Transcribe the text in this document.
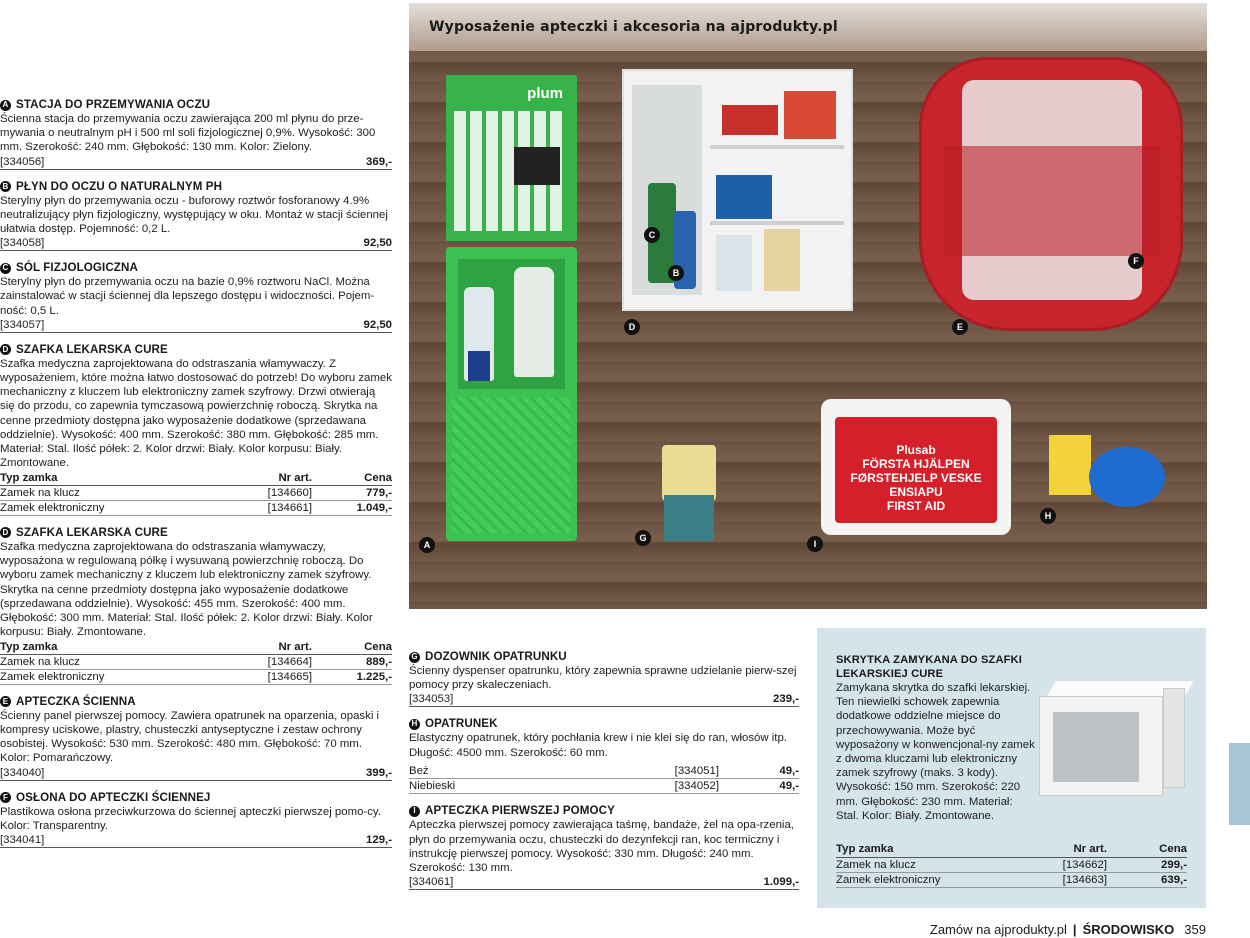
A STACJA DO PRZEMYWANIA OCZU
Ścienna stacja do przemywania oczu zawierająca 200 ml płynu do prze-mywania o neutralnym pH i 500 ml soli fizjologicznej 0,9%. Wysokość: 300 mm. Szerokość: 240 mm. Głębokość: 130 mm. Kolor: Zielony.
[334056]	369,-
B PŁYN DO OCZU O NATURALNYM PH
Sterylny płyn do przemywania oczu - buforowy roztwór fosforanowy 4.9% neutralizujący płyn fizjologiczny, występujący w oku. Montaż w stacji ściennej ułatwia dostęp. Pojemność: 0,2 L.
[334058]	92,50
C SÓL FIZJOLOGICZNA
Sterylny płyn do przemywania oczu na bazie 0,9% roztworu NaCl. Można zainstalować w stacji ściennej dla lepszego dostępu i widoczności. Pojem-ność: 0,5 L.
[334057]	92,50
D SZAFKA LEKARSKA CURE
Szafka medyczna zaprojektowana do odstraszania włamywaczy. Z wyposażeniem, które można łatwo dostosować do potrzeb! Do wyboru zamek mechaniczny z kluczem lub elektroniczny zamek szyfrowy. Drzwi otwierają się do przodu, co zapewnia tymczasową powierzchnię roboczą. Skrytka na cenne przedmioty dostępna jako wyposażenie dodatkowe (sprzedawana oddzielnie). Wysokość: 400 mm. Szerokość: 380 mm. Głębokość: 285 mm. Materiał: Stal. Ilość półek: 2. Kolor drzwi: Biały. Kolor korpusu: Biały. Zmontowane.
Typ zamka	Nr art.	Cena
Zamek na klucz	[134660]	779,-
Zamek elektroniczny	[134661]	1.049,-
D SZAFKA LEKARSKA CURE
Szafka medyczna zaprojektowana do odstraszania włamywaczy, wyposażona w regulowaną półkę i wysuwaną powierzchnię roboczą. Do wyboru zamek mechaniczny z kluczem lub elektroniczny zamek szyfrowy. Skrytka na cenne przedmioty dostępna jako wyposażenie dodatkowe (sprzedawana oddzielnie). Wysokość: 455 mm. Szerokość: 400 mm. Głębokość: 300 mm. Materiał: Stal. Ilość półek: 2. Kolor drzwi: Biały. Kolor korpusu: Biały. Zmontowane.
Typ zamka	Nr art.	Cena
Zamek na klucz	[134664]	889,-
Zamek elektroniczny	[134665]	1.225,-
E APTECZKA ŚCIENNA
Ścienny panel pierwszej pomocy. Zawiera opatrunek na oparzenia, opaski i kompresy uciskowe, plastry, chusteczki antyseptyczne i zestaw ochrony osobistej. Wysokość: 530 mm. Szerokość: 480 mm. Głębokość: 70 mm. Kolor: Pomarańczowy.
[334040]	399,-
F OSŁONA DO APTECZKI ŚCIENNEJ
Plastikowa osłona przeciwkurzowa do ściennej apteczki pierwszej pomo-cy. Kolor: Transparentny.
[334041]	129,-
Wyposażenie apteczki i akcesoria na ajprodukty.pl
plum
Plusab
FÖRSTA HJÄLPEN
FØRSTEHJELP VESKE
ENSIAPU
FIRST AID
A
B
C
D	E
F
G
H
I
G DOZOWNIK OPATRUNKU
Ścienny dyspenser opatrunku, który zapewnia sprawne udzielanie pierw-szej pomocy przy skaleczeniach.
[334053]	239,-
H OPATRUNEK
Elastyczny opatrunek, który pochłania krew i nie klei się do ran, włosów itp. Długość: 4500 mm. Szerokość: 60 mm.
Beż	[334051]	49,-
Niebieski	[334052]	49,-
I APTECZKA PIERWSZEJ POMOCY
Apteczka pierwszej pomocy zawierająca taśmę, bandaże, żel na opa-rzenia, płyn do przemywania oczu, chusteczki do dezynfekcji ran, koc termiczny i instrukcję pierwszej pomocy. Wysokość: 330 mm. Długość: 240 mm. Szerokość: 130 mm.
[334061]	1.099,-
SKRYTKA ZAMYKANA DO SZAFKI LEKARSKIEJ CURE
Zamykana skrytka do szafki lekarskiej. Ten niewielki schowek zapewnia dodatkowe oddzielne miejsce do przechowywania. Może być wyposażony w konwencjonal-ny zamek z dwoma kluczami lub elektroniczny zamek szyfrowy (maks. 3 kody). Wysokość: 150 mm. Szerokość: 220 mm. Głębokość: 230 mm. Materiał: Stal. Kolor: Biały. Zmontowane.
Typ zamka	Nr art.	Cena
Zamek na klucz	[134662]	299,-
Zamek elektroniczny	[134663]	639,-
Zamów na ajprodukty.pl | ŚRODOWISKO 359
